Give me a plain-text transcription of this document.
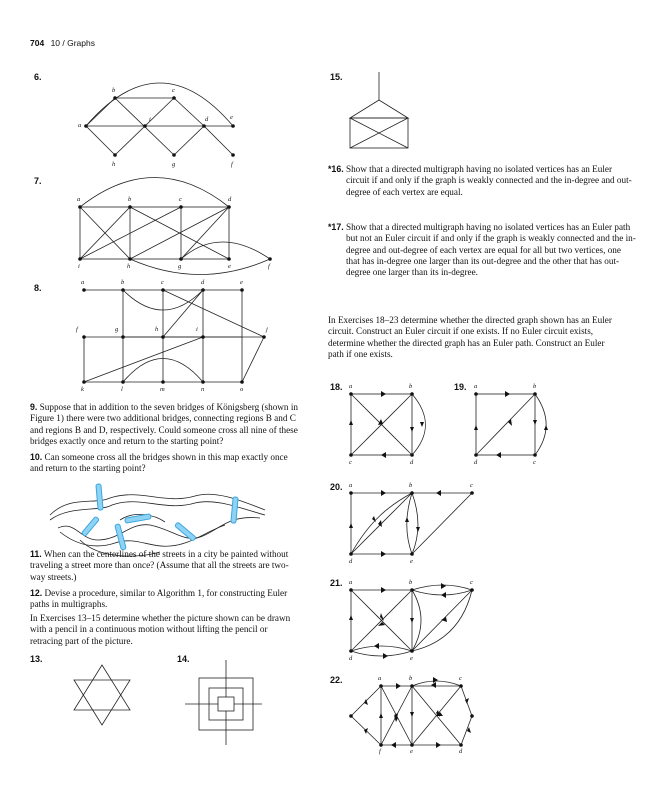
704 10 / Graphs
6.
7.
8.
a
b	c
d	e
h
i
g	f
a	b	c	d
i	h	g	e	f
a	b	c	d	e
f	g	h	i	j
k	l	m	n	o
9. Suppose that in addition to the seven bridges of Königsberg (shown in Figure 1) there were two additional bridges, connecting regions B and C and regions B and D, respectively. Could someone cross all nine of these bridges exactly once and return to the starting point?
10. Can someone cross all the bridges shown in this map exactly once and return to the starting point?
11. When can the centerlines of the streets in a city be painted without traveling a street more than once? (Assume that all the streets are two-way streets.)
12. Devise a procedure, similar to Algorithm 1, for constructing Euler paths in multigraphs.
In Exercises 13–15 determine whether the picture shown can be drawn with a pencil in a continuous motion without lifting the pencil or retracing part of the picture.
13.	14.
15.
*16. Show that a directed multigraph having no isolated vertices has an Euler circuit if and only if the graph is weakly connected and the in-degree and out-degree of each vertex are equal.
*17. Show that a directed multigraph having no isolated vertices has an Euler path but not an Euler circuit if and only if the graph is weakly connected and the in-degree and out-degree of each vertex are equal for all but two vertices, one that has in-degree one larger than its out-degree and the other that has out-degree one larger than its in-degree.
In Exercises 18–23 determine whether the directed graph shown has an Euler circuit. Construct an Euler circuit if one exists. If no Euler circuit exists, determine whether the directed graph has an Euler path. Construct an Euler path if one exists.
18.	19.
a	b
c	d
a	b
d	c
20. a	b	c
d	e
21. a	b	c
d	e
22.	a	b	c
f	e	d
